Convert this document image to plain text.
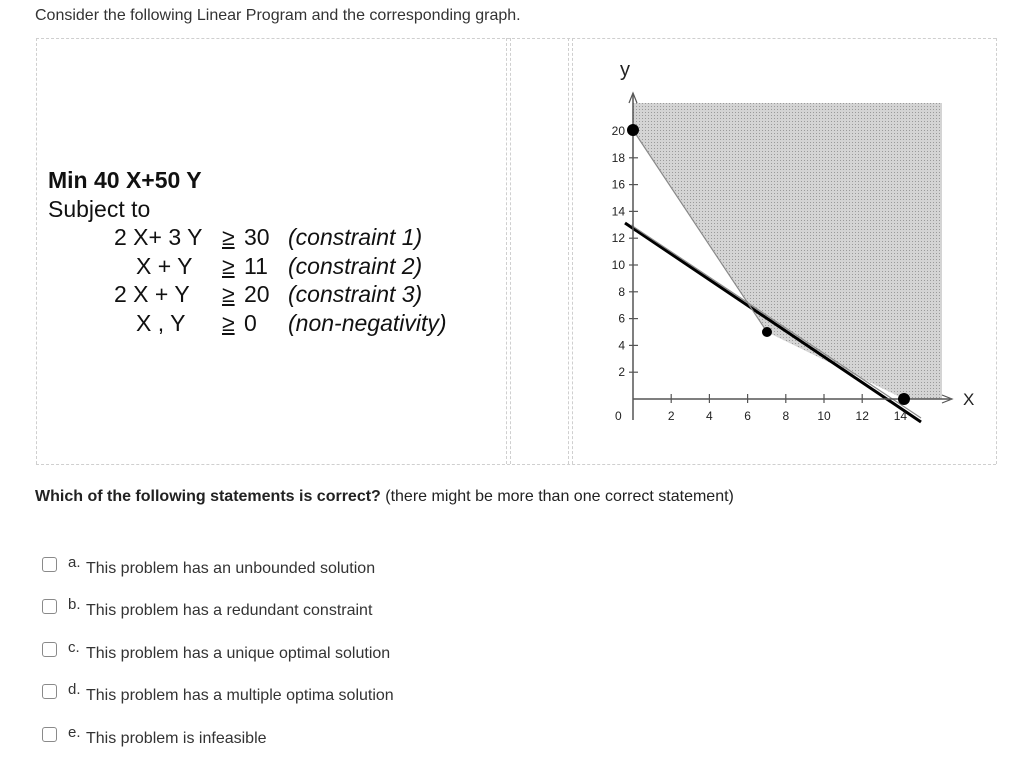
Consider the following Linear Program and the corresponding graph.
Min 40 X+50 Y
Subject to
2 X+ 3 Y ≥ 30 (constraint 1)
X + Y ≥ 11 (constraint 2)
2 X + Y ≥ 20 (constraint 3)
X , Y ≥ 0 (non-negativity)
2
4
6
8
10
12
14
16
18
20
2	4	6	8 10 12 14
y
X
0
Which of the following statements is correct? (there might be more than one correct statement)
a. This problem has an unbounded solution
b. This problem has a redundant constraint
c. This problem has a unique optimal solution
d. This problem has a multiple optima solution
e. This problem is infeasible
